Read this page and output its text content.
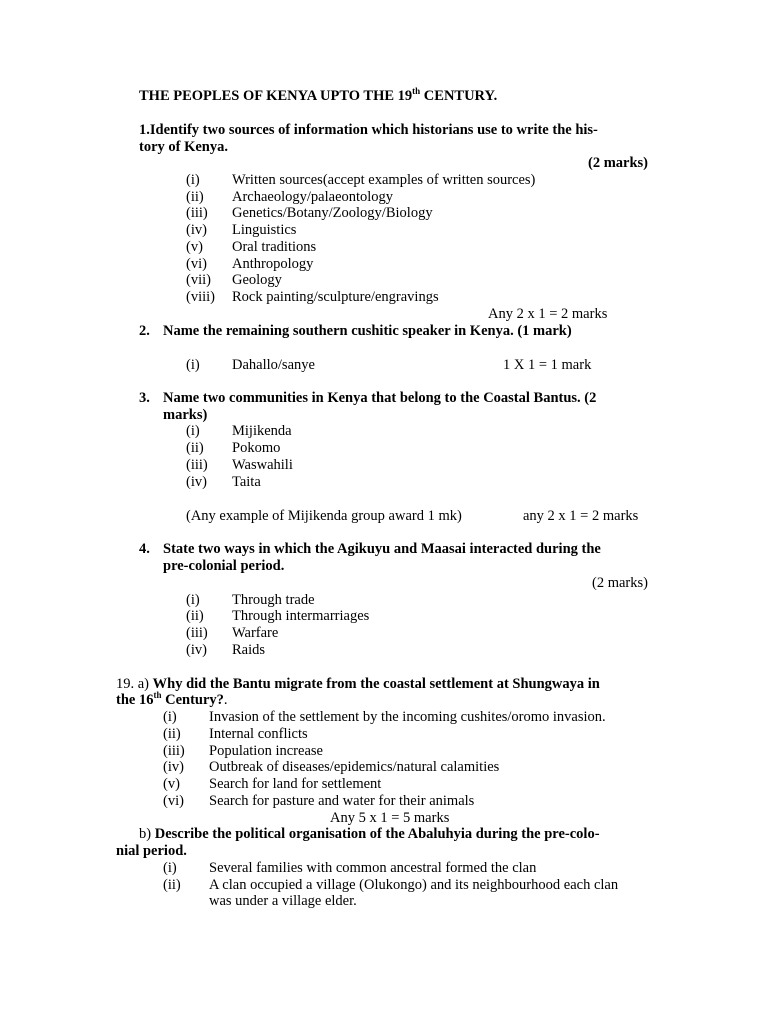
THE PEOPLES OF KENYA UPTO THE 19th CENTURY.
1.Identify two sources of information which historians use to write the his-
tory of Kenya.
(2 marks)
(i) Written sources(accept examples of written sources)
(ii) Archaeology/palaeontology
(iii) Genetics/Botany/Zoology/Biology
(iv) Linguistics
(v) Oral traditions
(vi) Anthropology
(vii) Geology
(viii) Rock painting/sculpture/engravings
Any 2 x 1 = 2 marks
2. Name the remaining southern cushitic speaker in Kenya. (1 mark)
(i) Dahallo/sanye	1 X 1 = 1 mark
3. Name two communities in Kenya that belong to the Coastal Bantus. (2
marks)
(i) Mijikenda
(ii) Pokomo
(iii) Waswahili
(iv) Taita
(Any example of Mijikenda group award 1 mk)	any 2 x 1 = 2 marks
4. State two ways in which the Agikuyu and Maasai interacted during the
pre-colonial period.
(2 marks)
(i) Through trade
(ii) Through intermarriages
(iii) Warfare
(iv) Raids
19. a) Why did the Bantu migrate from the coastal settlement at Shungwaya in
the 16th Century?.
(i) Invasion of the settlement by the incoming cushites/oromo invasion.
(ii) Internal conflicts
(iii) Population increase
(iv) Outbreak of diseases/epidemics/natural calamities
(v) Search for land for settlement
(vi) Search for pasture and water for their animals
Any 5 x 1 = 5 marks
b) Describe the political organisation of the Abaluhyia during the pre-colo-
nial period.
(i) Several families with common ancestral formed the clan
(ii) A clan occupied a village (Olukongo) and its neighbourhood each clan
was under a village elder.
